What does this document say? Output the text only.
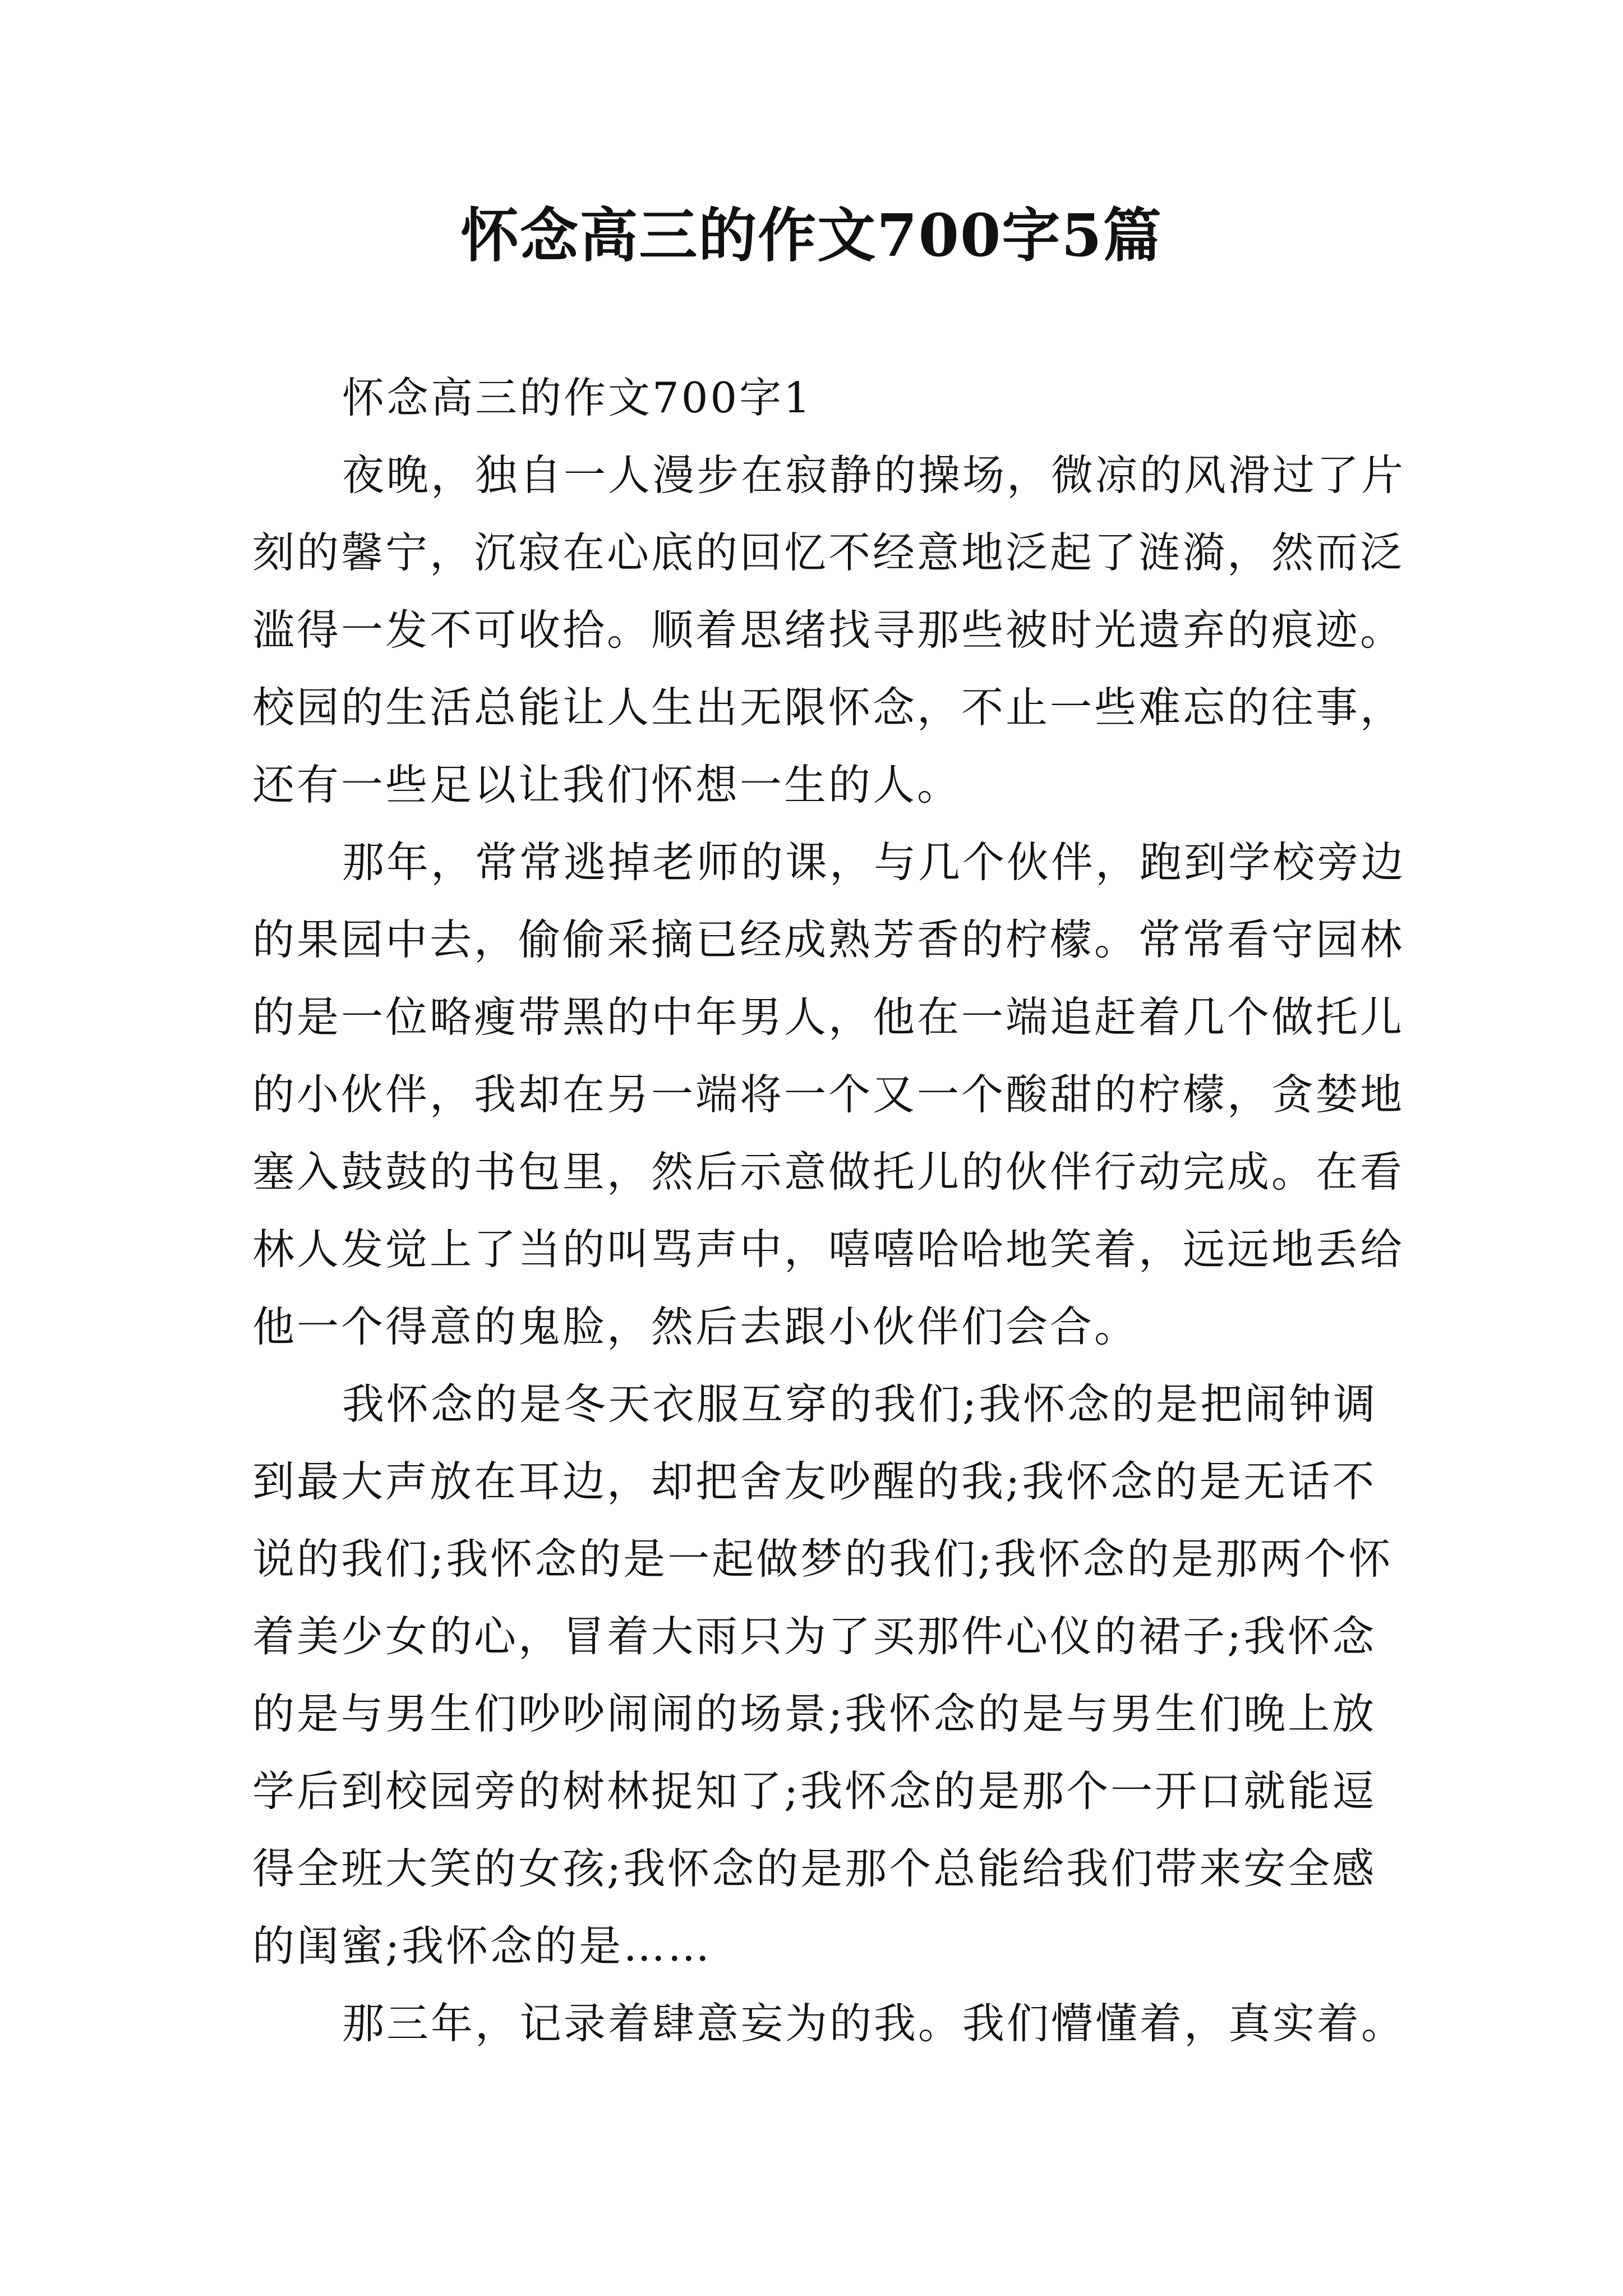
怀念高三的作文700字5篇

怀念高三的作文700字1

夜晚，独自一人漫步在寂静的操场，微凉的风滑过了片刻的馨宁，沉寂在心底的回忆不经意地泛起了涟漪，然而泛滥得一发不可收拾。顺着思绪找寻那些被时光遗弃的痕迹。校园的生活总能让人生出无限怀念，不止一些难忘的往事，还有一些足以让我们怀想一生的人。

那年，常常逃掉老师的课，与几个伙伴，跑到学校旁边的果园中去，偷偷采摘已经成熟芳香的柠檬。常常看守园林的是一位略瘦带黑的中年男人，他在一端追赶着几个做托儿的小伙伴，我却在另一端将一个又一个酸甜的柠檬，贪婪地塞入鼓鼓的书包里，然后示意做托儿的伙伴行动完成。在看林人发觉上了当的叫骂声中，嘻嘻哈哈地笑着，远远地丢给他一个得意的鬼脸，然后去跟小伙伴们会合。

我怀念的是冬天衣服互穿的我们;我怀念的是把闹钟调到最大声放在耳边，却把舍友吵醒的我;我怀念的是无话不说的我们;我怀念的是一起做梦的我们;我怀念的是那两个怀着美少女的心，冒着大雨只为了买那件心仪的裙子;我怀念的是与男生们吵吵闹闹的场景;我怀念的是与男生们晚上放学后到校园旁的树林捉知了;我怀念的是那个一开口就能逗得全班大笑的女孩;我怀念的是那个总能给我们带来安全感的闺蜜;我怀念的是……

那三年，记录着肆意妄为的我。我们懵懂着，真实着。
